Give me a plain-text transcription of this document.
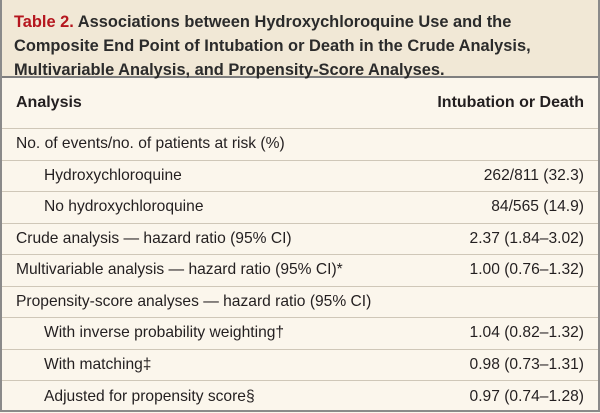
Table 2. Associations between Hydroxychloroquine Use and the Composite End Point of Intubation or Death in the Crude Analysis, Multivariable Analysis, and Propensity-Score Analyses.
Analysis	Intubation or Death
No. of events/no. of patients at risk (%)
Hydroxychloroquine	262/811 (32.3)
No hydroxychloroquine	84/565 (14.9)
Crude analysis — hazard ratio (95% CI)	2.37 (1.84–3.02)
Multivariable analysis — hazard ratio (95% CI)*	1.00 (0.76–1.32)
Propensity-score analyses — hazard ratio (95% CI)
With inverse probability weighting†	1.04 (0.82–1.32)
With matching‡	0.98 (0.73–1.31)
Adjusted for propensity score§	0.97 (0.74–1.28)
